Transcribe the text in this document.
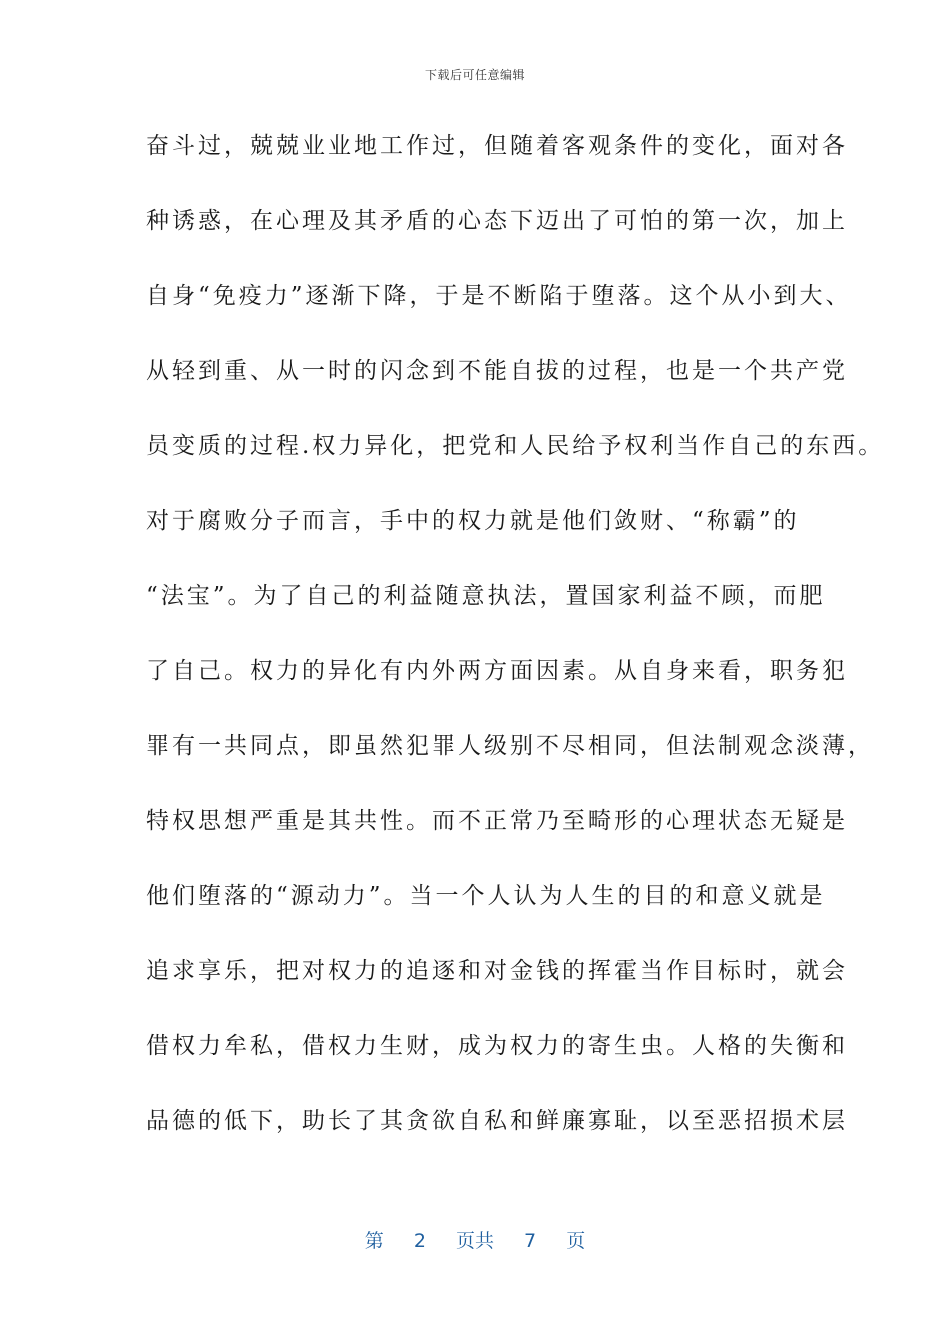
下载后可任意编辑
奋斗过，兢兢业业地工作过，但随着客观条件的变化，面对各
种诱惑，在心理及其矛盾的心态下迈出了可怕的第一次，加上
自身“免疫力”逐渐下降，于是不断陷于堕落。这个从小到大、
从轻到重、从一时的闪念到不能自拔的过程，也是一个共产党
员变质的过程.权力异化，把党和人民给予权利当作自己的东西。
对于腐败分子而言，手中的权力就是他们敛财、“称霸”的
“法宝”。为了自己的利益随意执法，置国家利益不顾，而肥
了自己。权力的异化有内外两方面因素。从自身来看，职务犯
罪有一共同点，即虽然犯罪人级别不尽相同，但法制观念淡薄，
特权思想严重是其共性。而不正常乃至畸形的心理状态无疑是
他们堕落的“源动力”。当一个人认为人生的目的和意义就是
追求享乐，把对权力的追逐和对金钱的挥霍当作目标时，就会
借权力牟私，借权力生财，成为权力的寄生虫。人格的失衡和
品德的低下，助长了其贪欲自私和鲜廉寡耻，以至恶招损术层
第 2 页共 7 页
